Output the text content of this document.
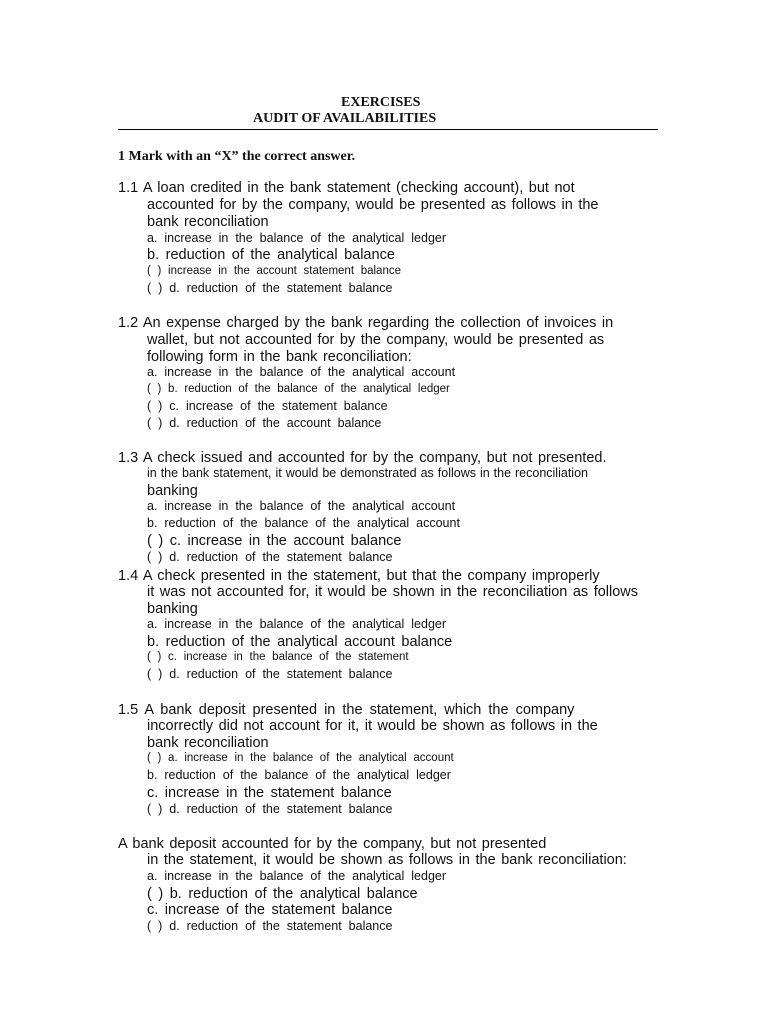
EXERCISES
AUDIT OF AVAILABILITIES
1 Mark with an “X” the correct answer.
1.1 A loan credited in the bank statement (checking account), but not
accounted for by the company, would be presented as follows in the
bank reconciliation
a. increase in the balance of the analytical ledger
b. reduction of the analytical balance
( ) increase in the account statement balance
( ) d. reduction of the statement balance
1.2 An expense charged by the bank regarding the collection of invoices in
wallet, but not accounted for by the company, would be presented as
following form in the bank reconciliation:
a. increase in the balance of the analytical account
( ) b. reduction of the balance of the analytical ledger
( ) c. increase of the statement balance
( ) d. reduction of the account balance
1.3 A check issued and accounted for by the company, but not presented.
in the bank statement, it would be demonstrated as follows in the reconciliation
banking
a. increase in the balance of the analytical account
b. reduction of the balance of the analytical account
( ) c. increase in the account balance
( ) d. reduction of the statement balance
1.4 A check presented in the statement, but that the company improperly
it was not accounted for, it would be shown in the reconciliation as follows
banking
a. increase in the balance of the analytical ledger
b. reduction of the analytical account balance
( ) c. increase in the balance of the statement
( ) d. reduction of the statement balance
1.5 A bank deposit presented in the statement, which the company
incorrectly did not account for it, it would be shown as follows in the
bank reconciliation
( ) a. increase in the balance of the analytical account
b. reduction of the balance of the analytical ledger
c. increase in the statement balance
( ) d. reduction of the statement balance
A bank deposit accounted for by the company, but not presented
in the statement, it would be shown as follows in the bank reconciliation:
a. increase in the balance of the analytical ledger
( ) b. reduction of the analytical balance
c. increase of the statement balance
( ) d. reduction of the statement balance
